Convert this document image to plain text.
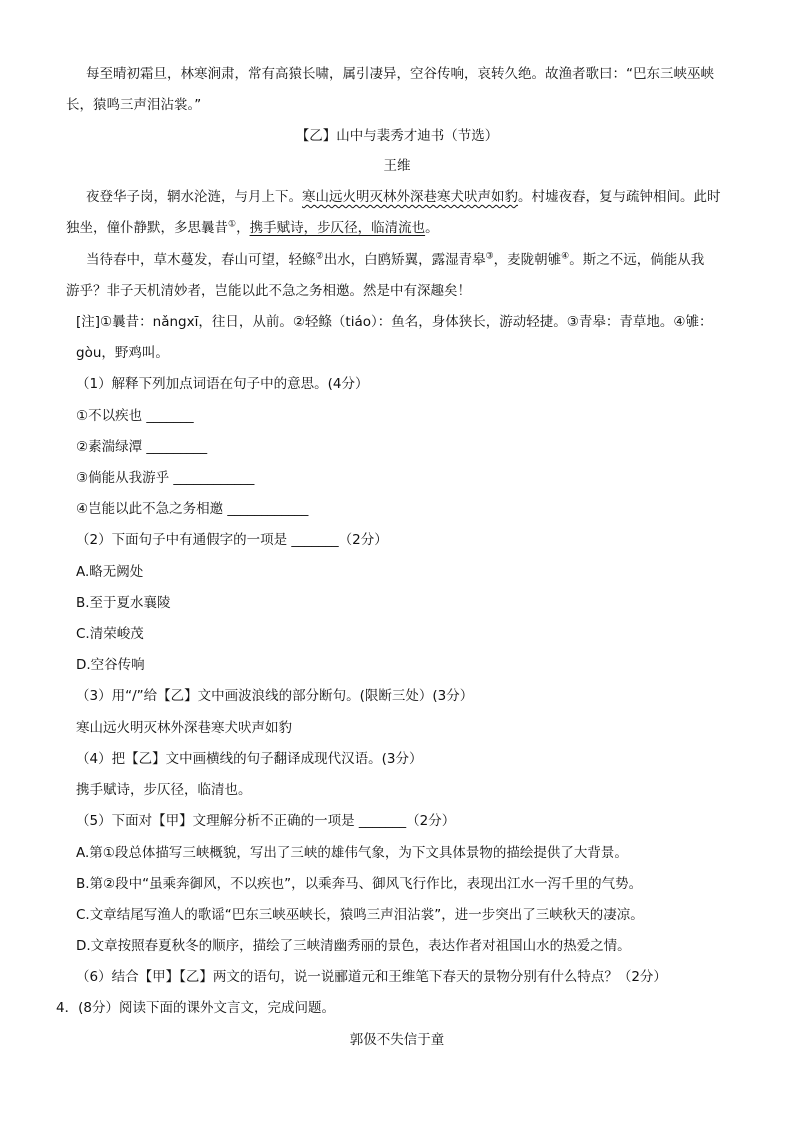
每至晴初霜旦，林寒涧肃，常有高猿长啸，属引凄异，空谷传响，哀转久绝。故渔者歌曰：“巴东三峡巫峡
长，猿鸣三声泪沾裳。”
【乙】山中与裴秀才迪书（节选）
王维
夜登华子岗，辋水沦涟，与月上下。寒山远火明灭林外深巷寒犬吠声如豹。村墟夜舂，复与疏钟相间。此时
独坐，僮仆静默，多思曩昔①，携手赋诗，步仄径，临清流也。
当待春中，草木蔓发，春山可望，轻鲦②出水，白鸥矫翼，露湿青皋③，麦陇朝雊④。斯之不远，倘能从我
游乎？非子天机清妙者，岂能以此不急之务相邀。然是中有深趣矣！
[注]①曩昔：nǎngxī，往日，从前。②轻鲦（tiáo）：鱼名，身体狭长，游动轻捷。③青皋：青草地。④雊：
gòu，野鸡叫。
（1）解释下列加点词语在句子中的意思。(4分）
①不以疾也 _______
②素湍绿潭 _________
③倘能从我游乎 ____________
④岂能以此不急之务相邀 ____________
（2）下面句子中有通假字的一项是 _______（2分）
A.略无阙处
B.至于夏水襄陵
C.清荣峻茂
D.空谷传响
（3）用“/”给【乙】文中画波浪线的部分断句。(限断三处）(3分）
寒山远火明灭林外深巷寒犬吠声如豹
（4）把【乙】文中画横线的句子翻译成现代汉语。(3分）
携手赋诗，步仄径，临清也。
（5）下面对【甲】文理解分析不正确的一项是 _______（2分）
A.第①段总体描写三峡概貌，写出了三峡的雄伟气象，为下文具体景物的描绘提供了大背景。
B.第②段中“虽乘奔御风，不以疾也”，以乘奔马、御风飞行作比，表现出江水一泻千里的气势。
C.文章结尾写渔人的歌谣“巴东三峡巫峡长，猿鸣三声泪沾裳”，进一步突出了三峡秋天的凄凉。
D.文章按照春夏秋冬的顺序，描绘了三峡清幽秀丽的景色，表达作者对祖国山水的热爱之情。
（6）结合【甲】【乙】两文的语句，说一说郦道元和王维笔下春天的景物分别有什么特点？（2分）
4．(8分）阅读下面的课外文言文，完成问题。
郭伋不失信于童
